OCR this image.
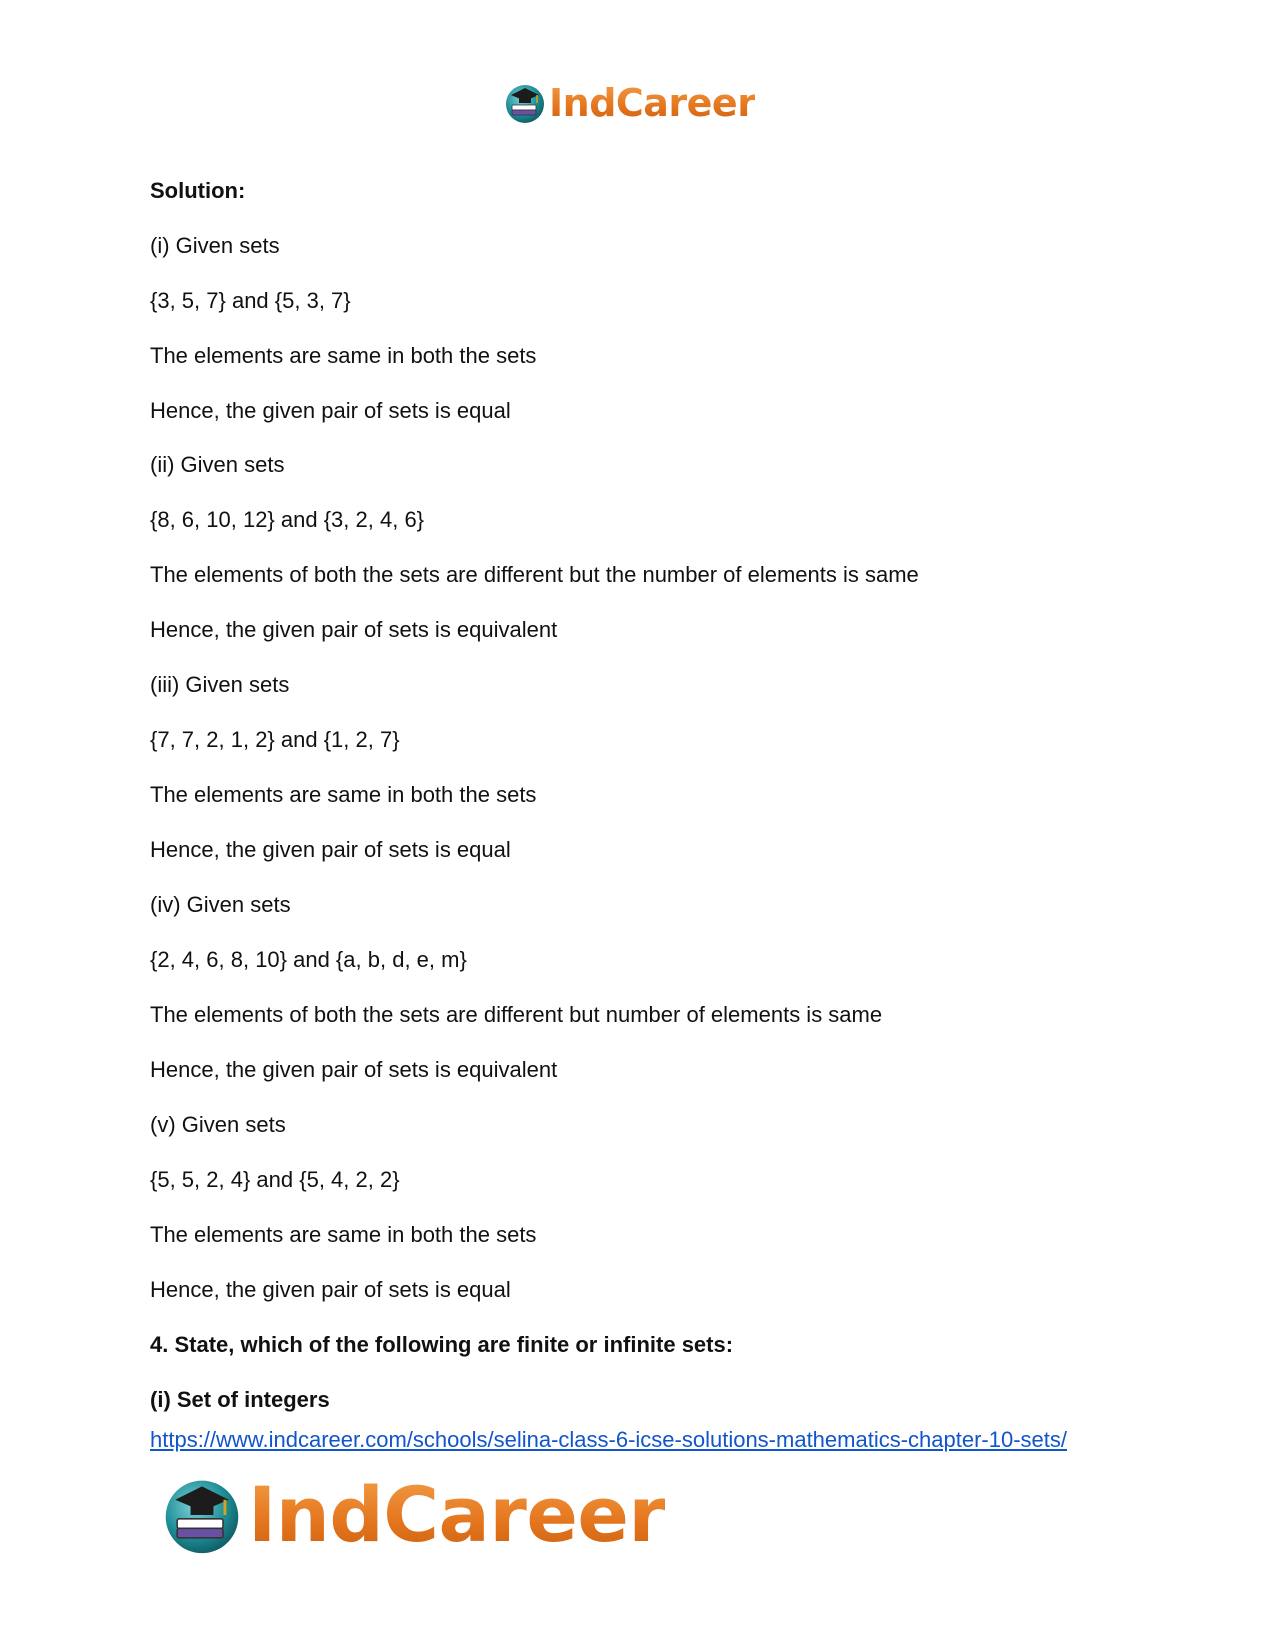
IndCareer
Solution:
(i) Given sets
{3, 5, 7} and {5, 3, 7}
The elements are same in both the sets
Hence, the given pair of sets is equal
(ii) Given sets
{8, 6, 10, 12} and {3, 2, 4, 6}
The elements of both the sets are different but the number of elements is same
Hence, the given pair of sets is equivalent
(iii) Given sets
{7, 7, 2, 1, 2} and {1, 2, 7}
The elements are same in both the sets
Hence, the given pair of sets is equal
(iv) Given sets
{2, 4, 6, 8, 10} and {a, b, d, e, m}
The elements of both the sets are different but number of elements is same
Hence, the given pair of sets is equivalent
(v) Given sets
{5, 5, 2, 4} and {5, 4, 2, 2}
The elements are same in both the sets
Hence, the given pair of sets is equal
4. State, which of the following are finite or infinite sets:
(i) Set of integers
https://www.indcareer.com/schools/selina-class-6-icse-solutions-mathematics-chapter-10-sets/
IndCareer
